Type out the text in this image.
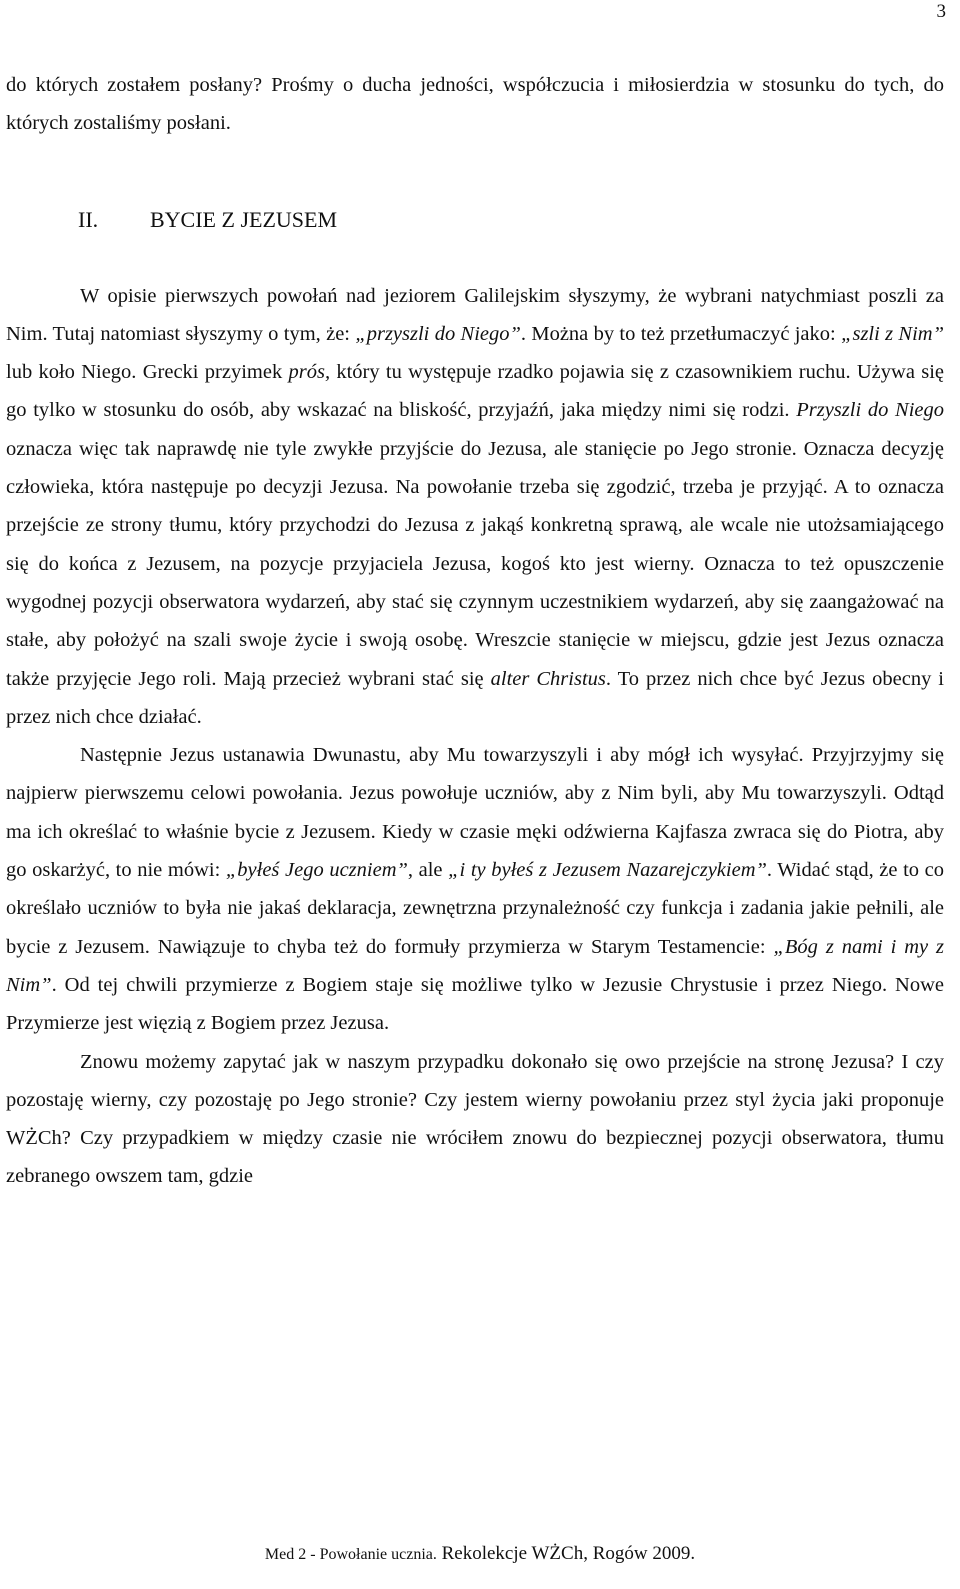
3

do których zostałem posłany? Prośmy o ducha jedności, współczucia i miłosierdzia w stosunku do tych, do których zostaliśmy posłani.

II.	BYCIE Z JEZUSEM

W opisie pierwszych powołań nad jeziorem Galilejskim słyszymy, że wybrani natychmiast poszli za Nim. Tutaj natomiast słyszymy o tym, że: „przyszli do Niego”. Można by to też przetłumaczyć jako: „szli z Nim” lub koło Niego. Grecki przyimek prós, który tu występuje rzadko pojawia się z czasownikiem ruchu. Używa się go tylko w stosunku do osób, aby wskazać na bliskość, przyjaźń, jaka między nimi się rodzi. Przyszli do Niego oznacza więc tak naprawdę nie tyle zwykłe przyjście do Jezusa, ale stanięcie po Jego stronie. Oznacza decyzję człowieka, która następuje po decyzji Jezusa. Na powołanie trzeba się zgodzić, trzeba je przyjąć. A to oznacza przejście ze strony tłumu, który przychodzi do Jezusa z jakąś konkretną sprawą, ale wcale nie utożsamiającego się do końca z Jezusem, na pozycje przyjaciela Jezusa, kogoś kto jest wierny. Oznacza to też opuszczenie wygodnej pozycji obserwatora wydarzeń, aby stać się czynnym uczestnikiem wydarzeń, aby się zaangażować na stałe, aby położyć na szali swoje życie i swoją osobę. Wreszcie stanięcie w miejscu, gdzie jest Jezus oznacza także przyjęcie Jego roli. Mają przecież wybrani stać się alter Christus. To przez nich chce być Jezus obecny i przez nich chce działać.

Następnie Jezus ustanawia Dwunastu, aby Mu towarzyszyli i aby mógł ich wysyłać. Przyjrzyjmy się najpierw pierwszemu celowi powołania. Jezus powołuje uczniów, aby z Nim byli, aby Mu towarzyszyli. Odtąd ma ich określać to właśnie bycie z Jezusem. Kiedy w czasie męki odźwierna Kajfasza zwraca się do Piotra, aby go oskarżyć, to nie mówi: „byłeś Jego uczniem”, ale „i ty byłeś z Jezusem Nazarejczykiem”. Widać stąd, że to co określało uczniów to była nie jakaś deklaracja, zewnętrzna przynależność czy funkcja i zadania jakie pełnili, ale bycie z Jezusem. Nawiązuje to chyba też do formuły przymierza w Starym Testamencie: „Bóg z nami i my z Nim”. Od tej chwili przymierze z Bogiem staje się możliwe tylko w Jezusie Chrystusie i przez Niego. Nowe Przymierze jest więzią z Bogiem przez Jezusa.

Znowu możemy zapytać jak w naszym przypadku dokonało się owo przejście na stronę Jezusa? I czy pozostaję wierny, czy pozostaję po Jego stronie? Czy jestem wierny powołaniu przez styl życia jaki proponuje WŻCh? Czy przypadkiem w między czasie nie wróciłem znowu do bezpiecznej pozycji obserwatora, tłumu zebranego owszem tam, gdzie

Med 2 - Powołanie ucznia. Rekolekcje WŻCh, Rogów 2009.
